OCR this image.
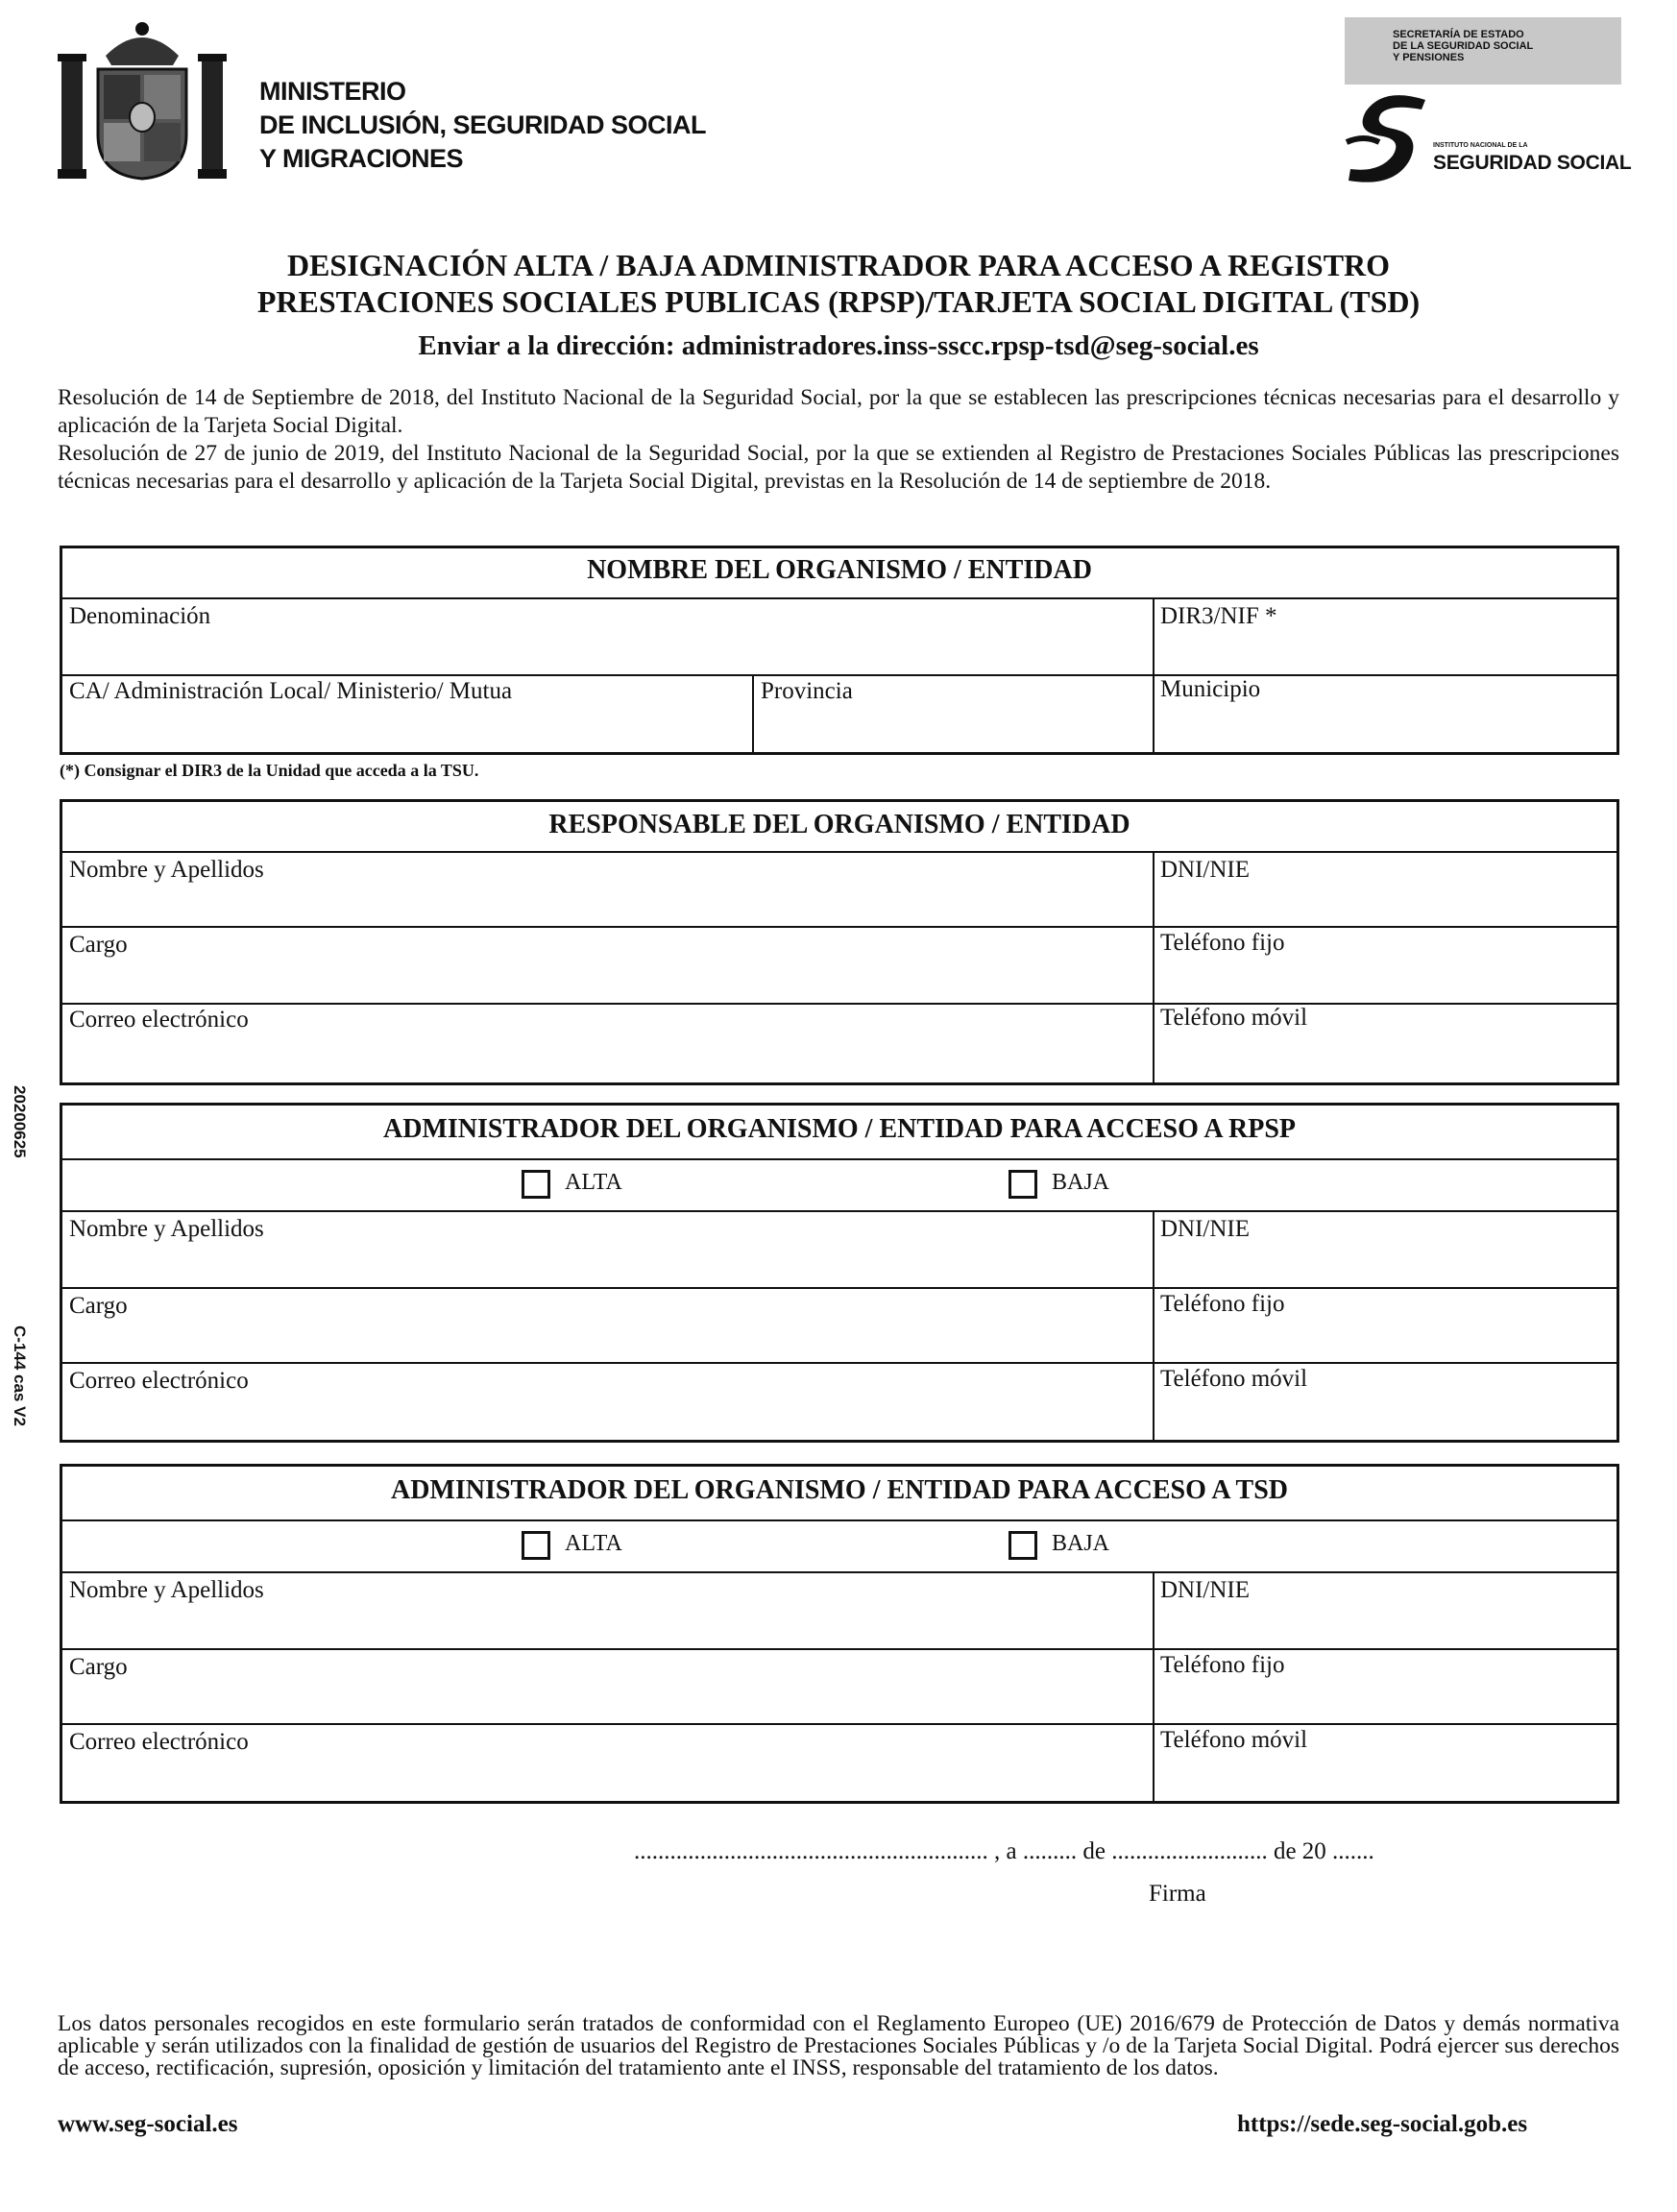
MINISTERIO
DE INCLUSIÓN, SEGURIDAD SOCIAL
Y MIGRACIONES
SECRETARÍA DE ESTADO
DE LA SEGURIDAD SOCIAL
Y PENSIONES
INSTITUTO NACIONAL DE LA
SEGURIDAD SOCIAL
DESIGNACIÓN ALTA / BAJA ADMINISTRADOR PARA ACCESO A REGISTRO
PRESTACIONES SOCIALES PUBLICAS (RPSP)/TARJETA SOCIAL DIGITAL (TSD)
Enviar a la dirección: administradores.inss-sscc.rpsp-tsd@seg-social.es

Resolución de 14 de Septiembre de 2018, del Instituto Nacional de la Seguridad Social, por la que se establecen las prescripciones técnicas necesarias para el desarrollo y aplicación de la Tarjeta Social Digital.

Resolución de 27 de junio de 2019, del Instituto Nacional de la Seguridad Social, por la que se extienden al Registro de Prestaciones Sociales Públicas las prescripciones técnicas necesarias para el desarrollo y aplicación de la Tarjeta Social Digital, previstas en la Resolución de 14 de septiembre de 2018.

20200625
C-144 cas V2
NOMBRE DEL ORGANISMO / ENTIDAD
Denominación	DIR3/NIF *
CA/ Administración Local/ Ministerio/ Mutua	Provincia	Municipio
(*) Consignar el DIR3 de la Unidad que acceda a la TSU.
RESPONSABLE DEL ORGANISMO / ENTIDAD
Nombre y Apellidos	DNI/NIE
Cargo	Teléfono fijo
Correo electrónico	Teléfono móvil
ADMINISTRADOR DEL ORGANISMO / ENTIDAD PARA ACCESO A RPSP
ALTA	BAJA
Nombre y Apellidos	DNI/NIE
Cargo	Teléfono fijo
Correo electrónico	Teléfono móvil
ADMINISTRADOR DEL ORGANISMO / ENTIDAD PARA ACCESO A TSD
ALTA	BAJA
Nombre y Apellidos	DNI/NIE
Cargo	Teléfono fijo
Correo electrónico	Teléfono móvil
........................................................... , a ......... de .......................... de 20 .......
Firma
Los datos personales recogidos en este formulario serán tratados de conformidad con el Reglamento Europeo (UE) 2016/679 de Protección de Datos y demás normativa aplicable y serán utilizados con la finalidad de gestión de usuarios del Registro de Prestaciones Sociales Públicas y /o de la Tarjeta Social Digital. Podrá ejercer sus derechos de acceso, rectificación, supresión, oposición y limitación del tratamiento ante el INSS, responsable del tratamiento de los datos.
www.seg-social.es	https://sede.seg-social.gob.es
